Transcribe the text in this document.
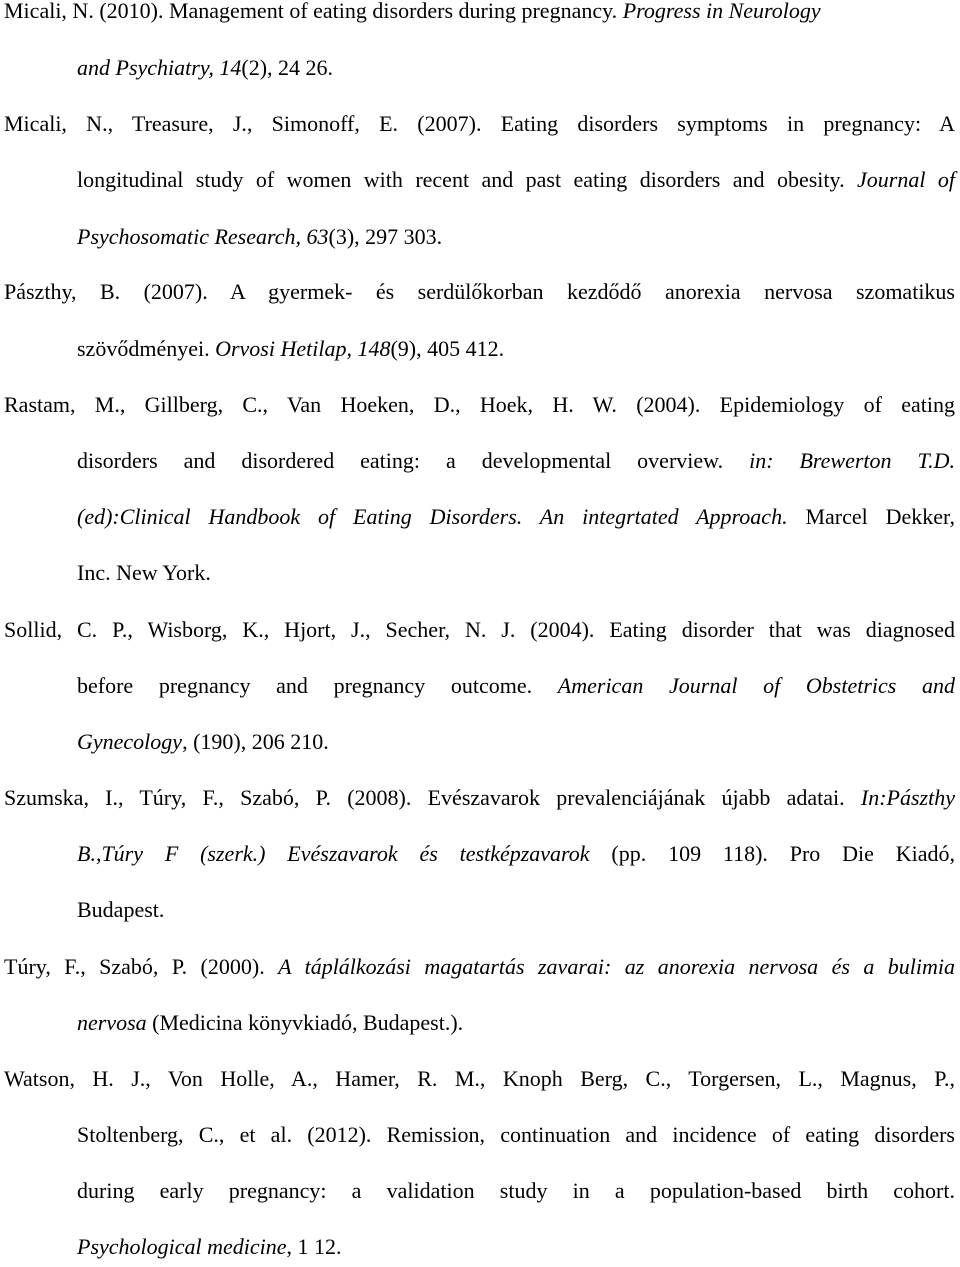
Micali, N. (2010). Management of eating disorders during pregnancy. Progress in Neurology
and Psychiatry, 14(2), 24 26.
Micali, N., Treasure, J., Simonoff, E. (2007). Eating disorders symptoms in pregnancy: A
longitudinal study of women with recent and past eating disorders and obesity. Journal of
Psychosomatic Research, 63(3), 297 303.
Pászthy, B. (2007). A gyermek- és serdülőkorban kezdődő anorexia nervosa szomatikus
szövődményei. Orvosi Hetilap, 148(9), 405 412.
Rastam, M., Gillberg, C., Van Hoeken, D., Hoek, H. W. (2004). Epidemiology of eating
disorders and disordered eating: a developmental overview. in: Brewerton T.D.
(ed):Clinical Handbook of Eating Disorders. An integrtated Approach. Marcel Dekker,
Inc. New York.
Sollid, C. P., Wisborg, K., Hjort, J., Secher, N. J. (2004). Eating disorder that was diagnosed
before pregnancy and pregnancy outcome. American Journal of Obstetrics and
Gynecology, (190), 206 210.
Szumska, I., Túry, F., Szabó, P. (2008). Evészavarok prevalenciájának újabb adatai. In:Pászthy
B.,Túry F (szerk.) Evészavarok és testképzavarok (pp. 109 118). Pro Die Kiadó,
Budapest.
Túry, F., Szabó, P. (2000). A táplálkozási magatartás zavarai: az anorexia nervosa és a bulimia
nervosa (Medicina könyvkiadó, Budapest.).
Watson, H. J., Von Holle, A., Hamer, R. M., Knoph Berg, C., Torgersen, L., Magnus, P.,
Stoltenberg, C., et al. (2012). Remission, continuation and incidence of eating disorders
during early pregnancy: a validation study in a population-based birth cohort.
Psychological medicine, 1 12.
